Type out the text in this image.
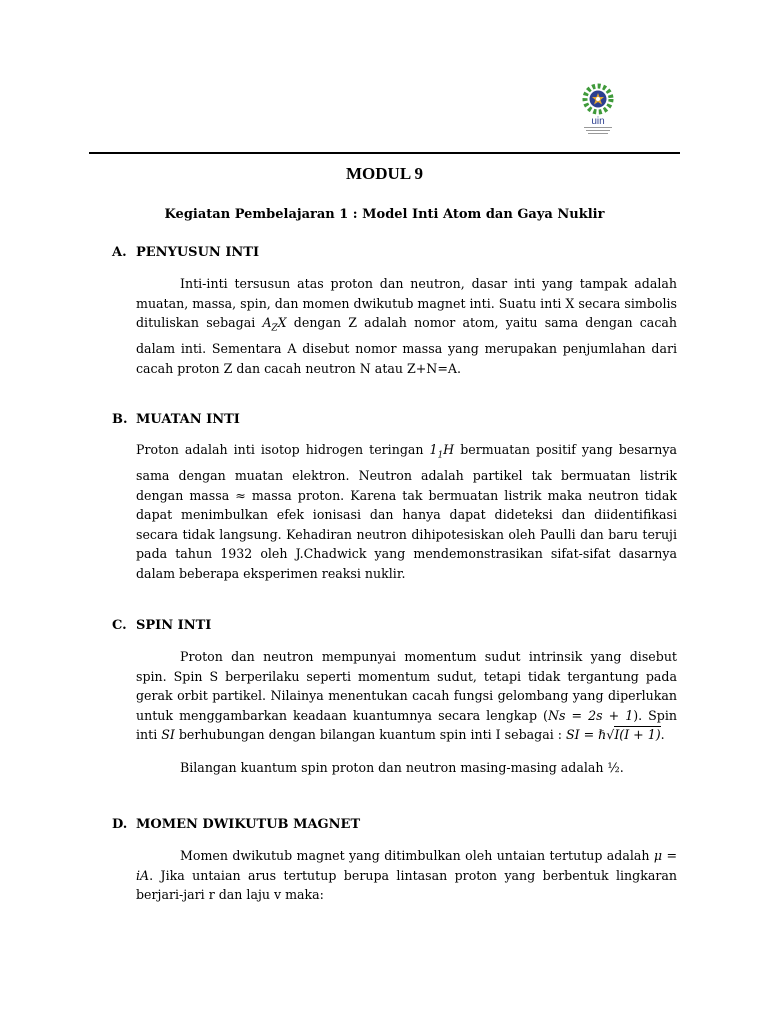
uin
MODUL 9
Kegiatan Pembelajaran 1 : Model Inti Atom dan Gaya Nuklir
A. PENYUSUN INTI

Inti-inti tersusun atas proton dan neutron, dasar inti yang tampak adalah muatan, massa, spin, dan momen dwikutub magnet inti. Suatu inti X secara simbolis dituliskan sebagai $A_ZX$ dengan Z adalah nomor atom, yaitu sama dengan cacah dalam inti. Sementara A disebut nomor massa yang merupakan penjumlahan dari cacah proton Z dan cacah neutron N atau Z+N=A.

B. MUATAN INTI

Proton adalah inti isotop hidrogen teringan $1_1H$ bermuatan positif yang besarnya sama dengan muatan elektron. Neutron adalah partikel tak bermuatan listrik dengan massa ≈ massa proton. Karena tak bermuatan listrik maka neutron tidak dapat menimbulkan efek ionisasi dan hanya dapat dideteksi dan diidentifikasi secara tidak langsung. Kehadiran neutron dihipotesiskan oleh Paulli dan baru teruji pada tahun 1932 oleh J.Chadwick yang mendemonstrasikan sifat-sifat dasarnya dalam beberapa eksperimen reaksi nuklir.

C. SPIN INTI

Proton dan neutron mempunyai momentum sudut intrinsik yang disebut spin. Spin S berperilaku seperti momentum sudut, tetapi tidak tergantung pada gerak orbit partikel. Nilainya menentukan cacah fungsi gelombang yang diperlukan untuk menggambarkan keadaan kuantumnya secara lengkap (Ns = 2s + 1). Spin inti SI berhubungan dengan bilangan kuantum spin inti I sebagai : SI = ℏ√I(I + 1).

Bilangan kuantum spin proton dan neutron masing-masing adalah ½.

D. MOMEN DWIKUTUB MAGNET

Momen dwikutub magnet yang ditimbulkan oleh untaian tertutup adalah μ = iA. Jika untaian arus tertutup berupa lintasan proton yang berbentuk lingkaran berjari-jari r dan laju v maka:
